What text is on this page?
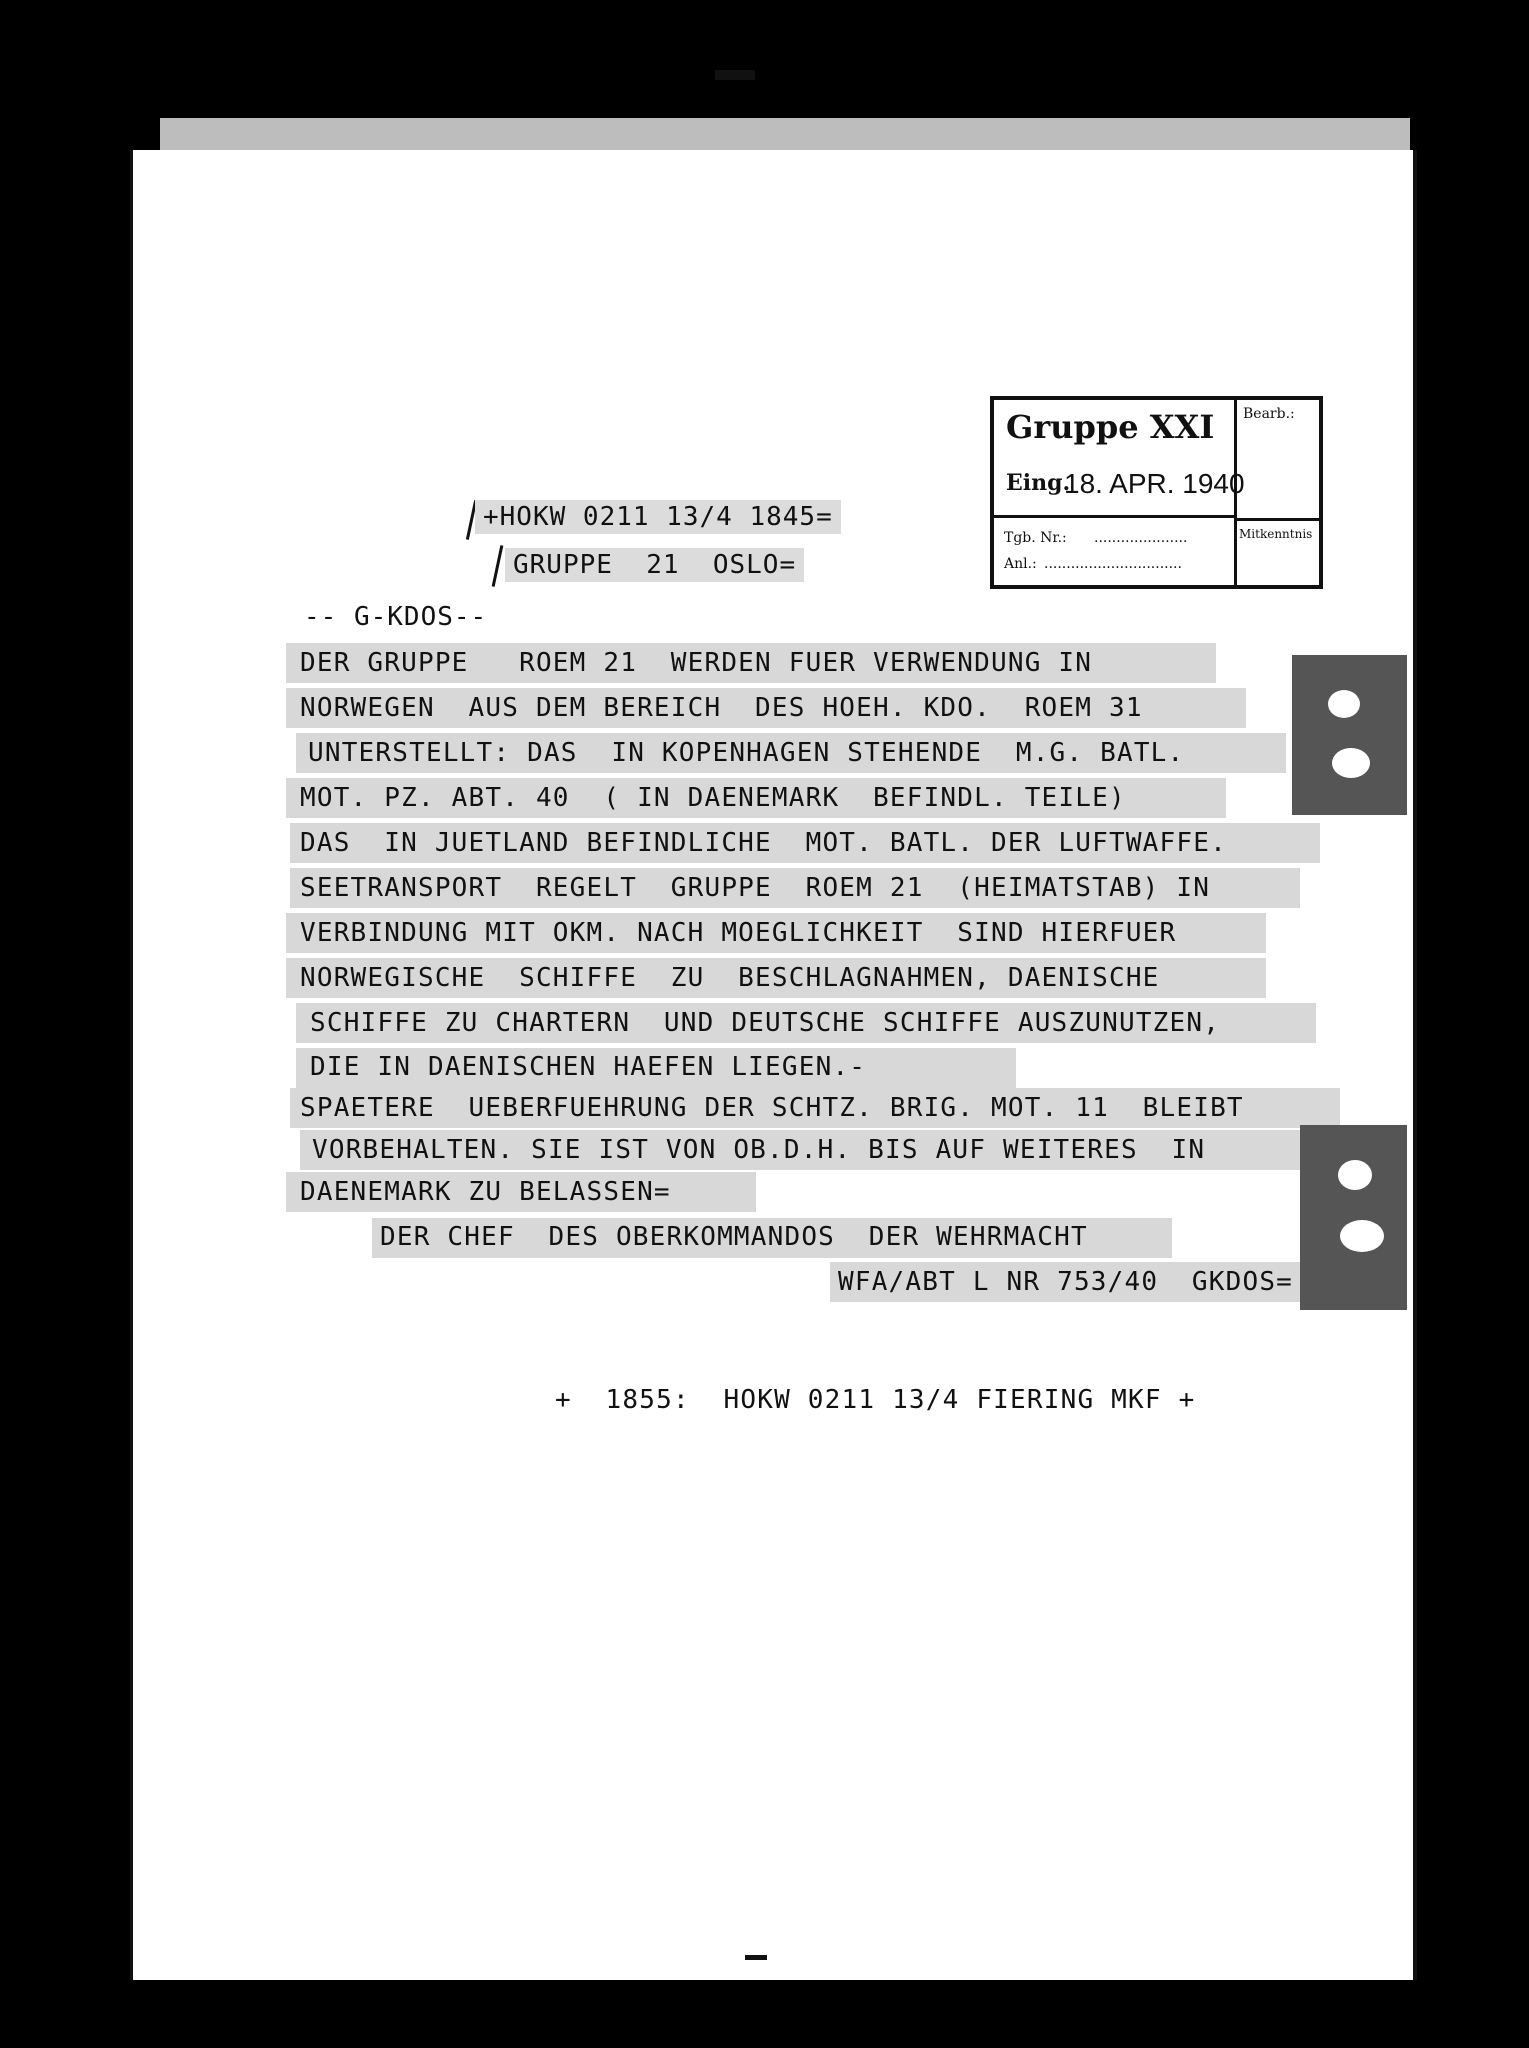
Gruppe XXI
Eing.
18. APR. 1940
Bearb.:
Tgb. Nr.: .....................
Anl.: ...............................
Mitkenntnis
+HOKW 0211 13/4 1845=
GRUPPE  21  OSLO=
-- G-KDOS--
DER GRUPPE   ROEM 21  WERDEN FUER VERWENDUNG IN
NORWEGEN  AUS DEM BEREICH  DES HOEH. KDO.  ROEM 31
UNTERSTELLT: DAS  IN KOPENHAGEN STEHENDE  M.G. BATL.
MOT. PZ. ABT. 40  ( IN DAENEMARK  BEFINDL. TEILE)
DAS  IN JUETLAND BEFINDLICHE  MOT. BATL. DER LUFTWAFFE.
SEETRANSPORT  REGELT  GRUPPE  ROEM 21  (HEIMATSTAB) IN
VERBINDUNG MIT OKM. NACH MOEGLICHKEIT  SIND HIERFUER
NORWEGISCHE  SCHIFFE  ZU  BESCHLAGNAHMEN, DAENISCHE
SCHIFFE ZU CHARTERN  UND DEUTSCHE SCHIFFE AUSZUNUTZEN,
DIE IN DAENISCHEN HAEFEN LIEGEN.-
SPAETERE  UEBERFUEHRUNG DER SCHTZ. BRIG. MOT. 11  BLEIBT
VORBEHALTEN. SIE IST VON OB.D.H. BIS AUF WEITERES  IN
DAENEMARK ZU BELASSEN=
DER CHEF  DES OBERKOMMANDOS  DER WEHRMACHT
WFA/ABT L NR 753/40  GKDOS=
+  1855:  HOKW 0211 13/4 FIERING MKF +
